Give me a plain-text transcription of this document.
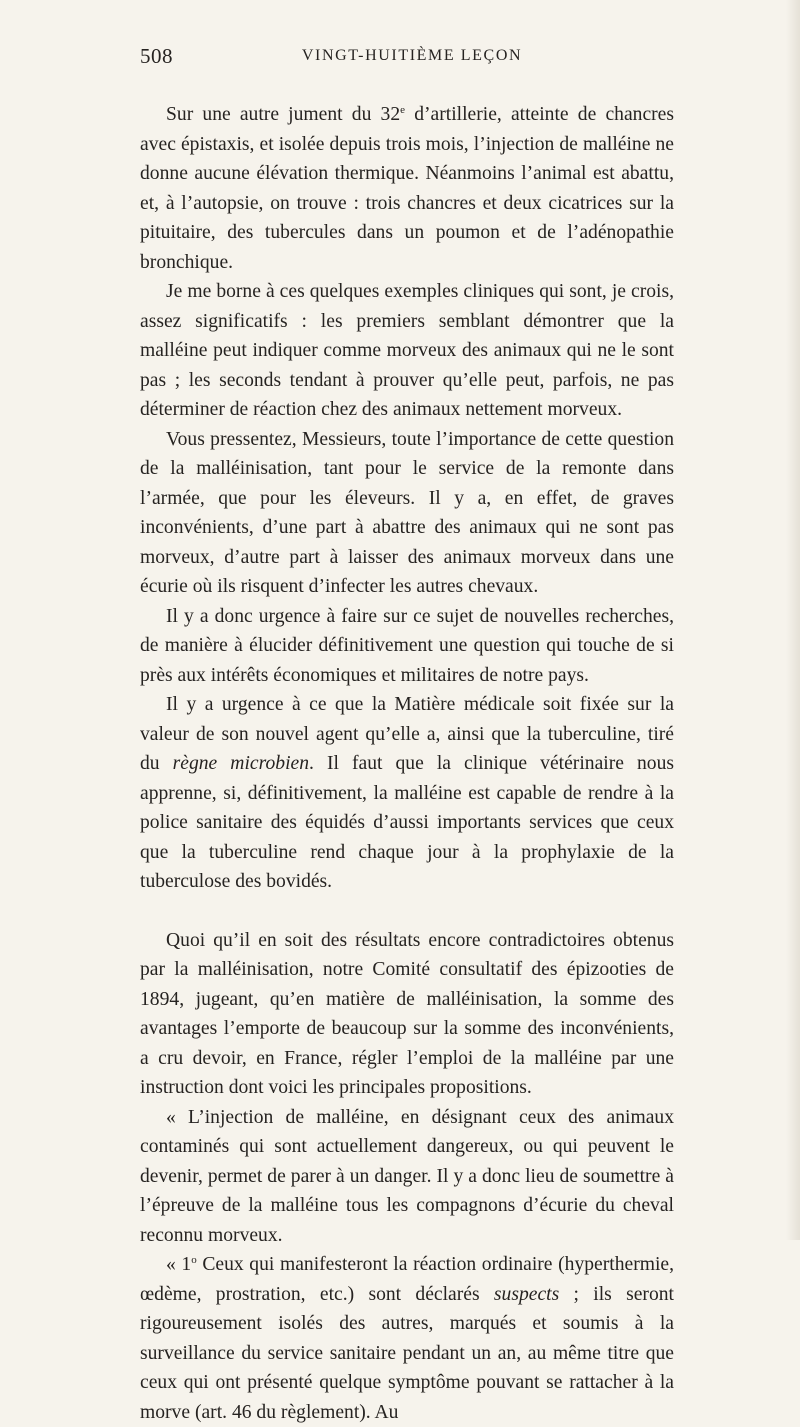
508	VINGT-HUITIÈME LEÇON

Sur une autre jument du 32e d’artillerie, atteinte de chancres avec épistaxis, et isolée depuis trois mois, l’injection de malléine ne donne aucune élévation thermique. Néanmoins l’animal est abattu, et, à l’autopsie, on trouve : trois chancres et deux cicatrices sur la pituitaire, des tubercules dans un poumon et de l’adénopathie bronchique.

Je me borne à ces quelques exemples cliniques qui sont, je crois, assez significatifs : les premiers semblant démontrer que la malléine peut indiquer comme morveux des animaux qui ne le sont pas ; les seconds tendant à prouver qu’elle peut, parfois, ne pas déterminer de réaction chez des animaux nettement morveux.

Vous pressentez, Messieurs, toute l’importance de cette question de la malléinisation, tant pour le service de la remonte dans l’armée, que pour les éleveurs. Il y a, en effet, de graves inconvénients, d’une part à abattre des animaux qui ne sont pas morveux, d’autre part à laisser des animaux morveux dans une écurie où ils risquent d’infecter les autres chevaux.

Il y a donc urgence à faire sur ce sujet de nouvelles recherches, de manière à élucider définitivement une question qui touche de si près aux intérêts économiques et militaires de notre pays.

Il y a urgence à ce que la Matière médicale soit fixée sur la valeur de son nouvel agent qu’elle a, ainsi que la tuberculine, tiré du règne microbien. Il faut que la clinique vétérinaire nous apprenne, si, définitivement, la malléine est capable de rendre à la police sanitaire des équidés d’aussi importants services que ceux que la tuberculine rend chaque jour à la prophylaxie de la tuberculose des bovidés.

Quoi qu’il en soit des résultats encore contradictoires obtenus par la malléinisation, notre Comité consultatif des épizooties de 1894, jugeant, qu’en matière de malléinisation, la somme des avantages l’emporte de beaucoup sur la somme des inconvénients, a cru devoir, en France, régler l’emploi de la malléine par une instruction dont voici les principales propositions.

« L’injection de malléine, en désignant ceux des animaux contaminés qui sont actuellement dangereux, ou qui peuvent le devenir, permet de parer à un danger. Il y a donc lieu de soumettre à l’épreuve de la malléine tous les compagnons d’écurie du cheval reconnu morveux.

« 1$^o$ Ceux qui manifesteront la réaction ordinaire (hyperthermie, œdème, prostration, etc.) sont déclarés suspects ; ils seront rigoureusement isolés des autres, marqués et soumis à la surveillance du service sanitaire pendant un an, au même titre que ceux qui ont présenté quelque symptôme pouvant se rattacher à la morve (art. 46 du règlement). Au
